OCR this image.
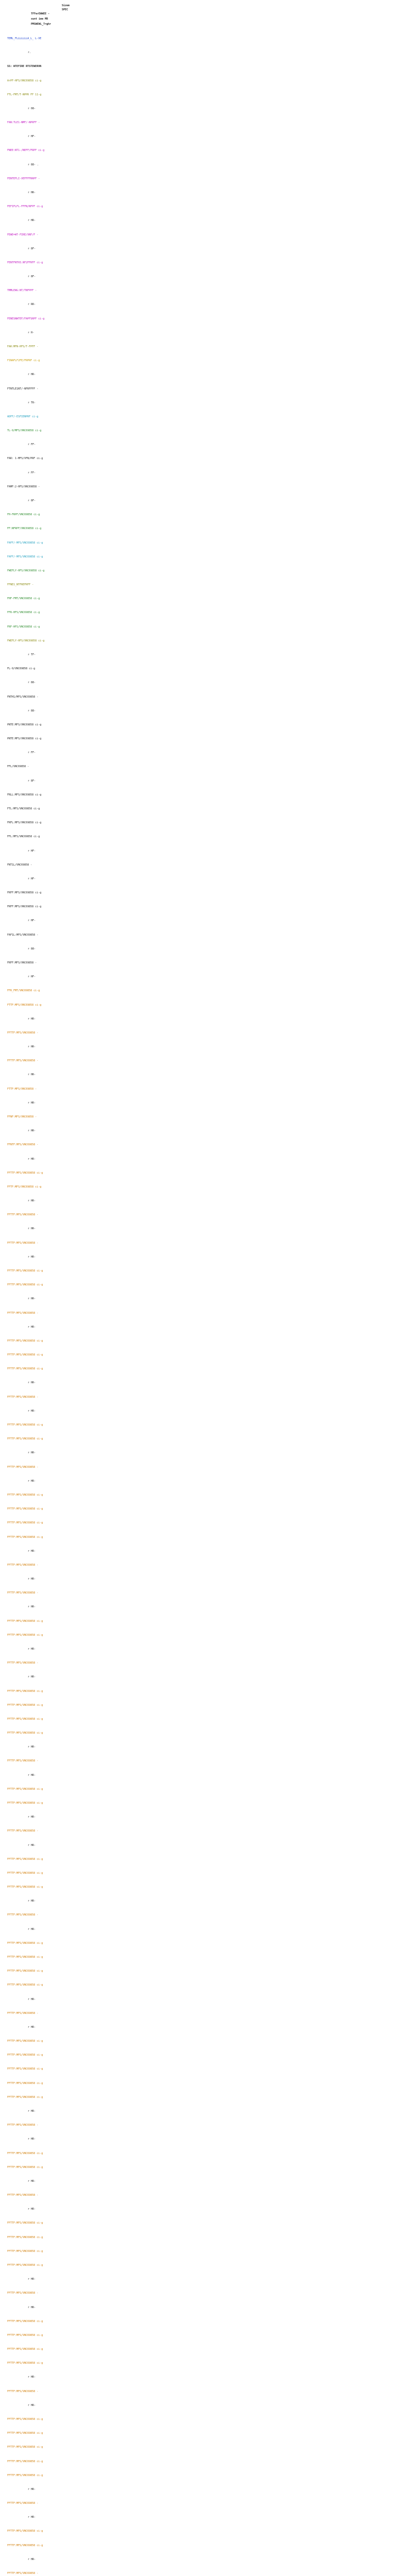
Sizem
SPEC
TFFerEWWEE -
sunt ime MR
PMSWEWL_T=ghr
TEML_FLLLLLLLA_L_ L-VE
r.
SS: WTEFIRE RTSTEWERVN
ArPF-HFS/VNC69858 ci-g
FTL-FMT/T-NPPR FF 11-g
r 08-
FAN:TLE1-NMF/-NPRFF -
r HF-
FNEE:NT1-/NEFF/FRPF ci-g
r 88- .
FENTEFLI-VEFFFFRRPF -
r HR-
FEFIFLFL-FFFN/NFPF ci-g
r HR-
FEWE=WT-FIRE/VNF/F -
r 8F-
FENTFNTH3.NF2FFRFF ci-g
r 8F-
TMMLEWG:NT/TNFPPF -
r RR-
FENESNWTEF/FAPFSRPF ci-g
r H-
FAR:MFN-HFS/T-FPFF -
FINAFLF2FE/FRPRF ci-g
r HR-
FTNTLE1NT/-NFRFFFF -
r TR-
ADFF/-ESFIENPRF ci-g
TL-9/MFS/VNC69858 ci-g
r FF-
FAR: 1-MFS/VFN/PRF ci-g
r FF-
FAMF:2-HFS/VNC69858 -
r 8F-
FH-FRPF/VNC69858 ci-g
FF:NFRPF/VNC69858 ci-g
FAFF/-MFS/VNC69858 ci-g
FAFF/-MFS/VNC69858 ci-g
FWEFLY-HFS/VNC69858 ci-g
FFNE1_NTFREFRFF -
FHF-FMT/VNC69858 ci-g
FFR-HFS/VNC69858 ci-g
FRF-HFS/VNC69858 ci-g
FWEFLY-HFS/VNC69858 ci-g
r TF-
FL-9/VNC69858 ci-g
r 88-
FNTH1/MFS/VNC69858 -
r 88-
PNTE:MFS/VNC69858 ci-g
PNTE:MFS/VNC69858 ci-g
r FF-
FFL/VNC69858 -
r 8F-
FRLL:MFS/VNC69858 ci-g
FTL:MFS/VNC69858 ci-g
FRFL:MFS/VNC69858 ci-g
FFL:MFS/VNC69858 ci-g
r HF-
FNT1L/VNC69858 -
r HF-
FRFF:MFS/VNC69858 ci-g
FRFF:MFS/VNC69858 ci-g
r HF-
FAF1L:MFS/VNC69858 -
r 88-
FRFF:MFS/VNC69858 -
r HF-
FFR_FMT/VNC69858 ci-g
FTTF:MFS/VNC69858 ci-g
r HR-
FFTTF:MFS/VNC69858 -
r HR-
FFTTF:MFS/VNC69858 -
r HR-
FTTF:MFS/VNC69858 -
r HR-
FFNF:MFS/VNC69858 -
r HR-
FFNTF:MFS/VNC69858 -
r HR-
FFTTF:MFS/VNC69858 ci-g
FFTF:MFS/VNC69858 ci-g
r HR-
FFTTF:MFS/VNC69858 -
r HR-
FFTTF:MFS/VNC69858 -
r HR-
FFTTF:MFS/VNC69858 ci-g
FFTTF:MFS/VNC69858 ci-g
r HR-
FFTTF:MFS/VNC69858 -
r HR-
FFTTF:MFS/VNC69858 ci-g
FFTTF:MFS/VNC69858 ci-g
FFTTF:MFS/VNC69858 ci-g
r HR-
FFTTF:MFS/VNC69858 -
r HR-
FFTTF:MFS/VNC69858 ci-g
FFTTF:MFS/VNC69858 ci-g
r HR-
FFTTF:MFS/VNC69858 -
r HR-
FFTTF:MFS/VNC69858 ci-g
FFTTF:MFS/VNC69858 ci-g
FFTTF:MFS/VNC69858 ci-g
FFTTF:MFS/VNC69858 ci-g
r HR-
FFTTF:MFS/VNC69858 -
r HR-
FFTTF:MFS/VNC69858 -
r HR-
FFTTF:MFS/VNC69858 ci-g
FFTTF:MFS/VNC69858 ci-g
r HR-
FFTTF:MFS/VNC69858 -
r HR-
FFTTF:MFS/VNC69858 ci-g
FFTTF:MFS/VNC69858 ci-g
FFTTF:MFS/VNC69858 ci-g
FFTTF:MFS/VNC69858 ci-g
r HR-
FFTTF:MFS/VNC69858 -
r HR-
FFTTF:MFS/VNC69858 ci-g
FFTTF:MFS/VNC69858 ci-g
r HR-
FFTTF:MFS/VNC69858 -
r HR-
FFTTF:MFS/VNC69858 ci-g
FFTTF:MFS/VNC69858 ci-g
FFTTF:MFS/VNC69858 ci-g
r HR-
FFTTF:MFS/VNC69858 -
r HR-
FFTTF:MFS/VNC69858 ci-g
FFTTF:MFS/VNC69858 ci-g
FFTTF:MFS/VNC69858 ci-g
FFTTF:MFS/VNC69858 ci-g
r HR-
FFTTF:MFS/VNC69858 -
r HR-
FFTTF:MFS/VNC69858 ci-g
FFTTF:MFS/VNC69858 ci-g
FFTTF:MFS/VNC69858 ci-g
FFTTF:MFS/VNC69858 ci-g
FFTTF:MFS/VNC69858 ci-g
r HR-
FFTTF:MFS/VNC69858 -
r HR-
FFTTF:MFS/VNC69858 ci-g
FFTTF:MFS/VNC69858 ci-g
r HR-
FFTTF:MFS/VNC69858 -
r HR-
FFTTF:MFS/VNC69858 ci-g
FFTTF:MFS/VNC69858 ci-g
FFTTF:MFS/VNC69858 ci-g
FFTTF:MFS/VNC69858 ci-g
r HR-
FFTTF:MFS/VNC69858 -
r HR-
FFTTF:MFS/VNC69858 ci-g
FFTTF:MFS/VNC69858 ci-g
FFTTF:MFS/VNC69858 ci-g
FFTTF:MFS/VNC69858 ci-g
r HR-
FFTTF:MFS/VNC69858 -
r HR-
FFTTF:MFS/VNC69858 ci-g
FFTTF:MFS/VNC69858 ci-g
FFTTF:MFS/VNC69858 ci-g
FFTTF:MFS/VNC69858 ci-g
FFTTF:MFS/VNC69858 ci-g
r HR-
FFTTF:MFS/VNC69858 -
r HR-
FFTTF:MFS/VNC69858 ci-g
FFTTF:MFS/VNC69858 ci-g
r HR-
FFTTF:MFS/VNC69858 -
